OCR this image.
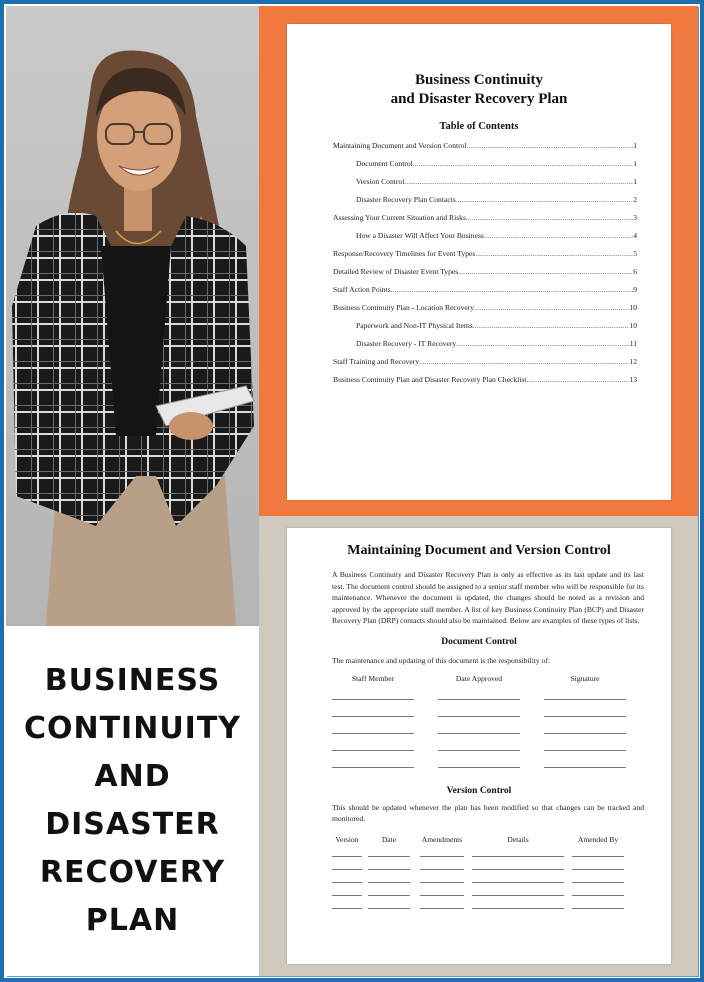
BUSINESS
CONTINUITY
AND
DISASTER
RECOVERY
PLAN
Business Continuity
and Disaster Recovery Plan
Table of Contents
Maintaining Document and Version Control .....	1
Document Control .....	1
Version Control .....	1
Disaster Recovery Plan Contacts .....	2
Assessing Your Current Situation and Risks .....	3
How a Disaster Will Affect Your Business .....	4
Response/Recovery Timelines for Event Types .....	5
Detailed Review of Disaster Event Types .....	6
Staff Action Points .....	9
Business Continuity Plan - Location Recovery .....	10
Paperwork and Non-IT Physical Items .....	10
Disaster Recovery - IT Recovery .....	11
Staff Training and Recovery .....	12
Business Continuity Plan and Disaster Recovery Plan Checklist .....	13
Maintaining Document and Version Control
A Business Continuity and Disaster Recovery Plan is only as effective as its last update and its last test. The document control should be assigned to a senior staff member who will be responsible for its maintenance. Whenever the document is updated, the changes should be noted as a revision and approved by the appropriate staff member. A list of key Business Continuity Plan (BCP) and Disaster Recovery Plan (DRP) contacts should also be maintained. Below are examples of these types of lists.
Document Control
The maintenance and updating of this document is the responsibility of:
Staff Member	Date Approved	Signature
Version Control
This should be updated whenever the plan has been modified so that changes can be tracked and monitored.
Version	Date	Amendments	Details	Amended By
